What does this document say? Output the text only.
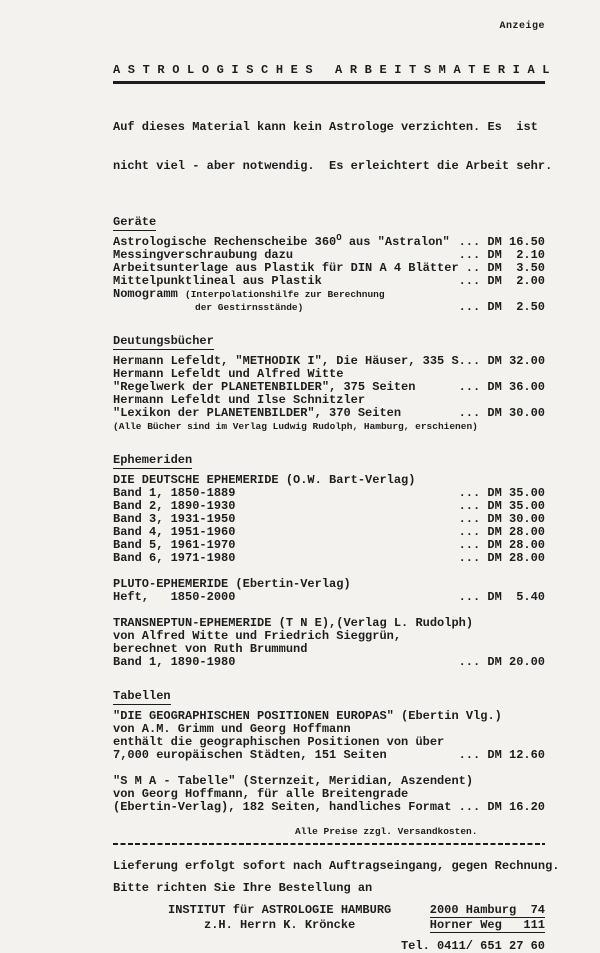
Anzeige
A S T R O L O G I S C H E S   A R B E I T S M A T E R I A L

Auf dieses Material kann kein Astrologe verzichten. Es  ist

nicht viel - aber notwendig.  Es erleichtert die Arbeit sehr.

Geräte
Astrologische Rechenscheibe $360^O$ aus "Astralon" ... DM 16.50
Messingverschraubung dazu	... DM  2.10
Arbeitsunterlage aus Plastik für DIN A 4 Blätter .. DM  3.50
Mittelpunktlineal aus Plastik	... DM  2.00
Nomogramm (Interpolationshilfe zur Berechnung
der Gestirnsstände)	... DM  2.50
Deutungsbücher
Hermann Lefeldt, "METHODIK I", Die Häuser, 335 S ... DM 32.00
Hermann Lefeldt und Alfred Witte
"Regelwerk der PLANETENBILDER", 375 Seiten	... DM 36.00
Hermann Lefeldt und Ilse Schnitzler
"Lexikon der PLANETENBILDER", 370 Seiten	... DM 30.00
(Alle Bücher sind im Verlag Ludwig Rudolph, Hamburg, erschienen)
Ephemeriden
DIE DEUTSCHE EPHEMERIDE (O.W. Bart-Verlag)
Band 1, 1850-1889	... DM 35.00
Band 2, 1890-1930	... DM 35.00
Band 3, 1931-1950	... DM 30.00
Band 4, 1951-1960	... DM 28.00
Band 5, 1961-1970	... DM 28.00
Band 6, 1971-1980	... DM 28.00
PLUTO-EPHEMERIDE (Ebertin-Verlag)
Heft,   1850-2000	... DM  5.40
TRANSNEPTUN-EPHEMERIDE (T N E),(Verlag L. Rudolph)
von Alfred Witte und Friedrich Sieggrün,
berechnet von Ruth Brummund
Band 1, 1890-1980	... DM 20.00
Tabellen
"DIE GEOGRAPHISCHEN POSITIONEN EUROPAS" (Ebertin Vlg.)
von A.M. Grimm und Georg Hoffmann
enthält die geographischen Positionen von über
7,000 europäischen Städten, 151 Seiten	... DM 12.60
"S M A - Tabelle" (Sternzeit, Meridian, Aszendent)
von Georg Hoffmann, für alle Breitengrade
(Ebertin-Verlag), 182 Seiten, handliches Format ... DM 16.20
Alle Preise zzgl. Versandkosten.
Lieferung erfolgt sofort nach Auftragseingang, gegen Rechnung.
Bitte richten Sie Ihre Bestellung an
INSTITUT für ASTROLOGIE HAMBURG
z.H. Herrn K. Kröncke
2000 Hamburg  74
Horner Weg   111
Tel. 0411/ 651 27 60
